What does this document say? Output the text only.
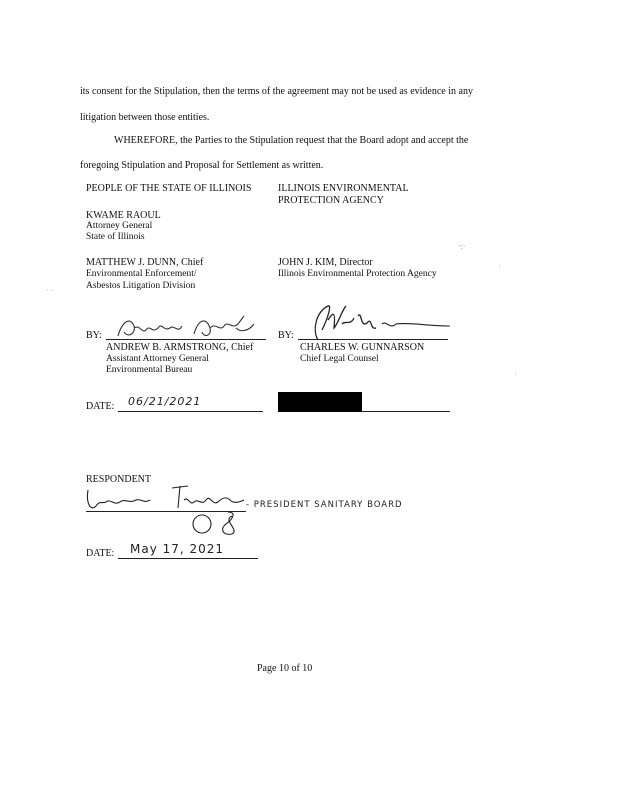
its consent for the Stipulation, then the terms of the agreement may not be used as evidence in any
litigation between those entities.
WHEREFORE, the Parties to the Stipulation request that the Board adopt and accept the
foregoing Stipulation and Proposal for Settlement as written.
PEOPLE OF THE STATE OF ILLINOIS
KWAME RAOUL
Attorney General
State of Illinois
MATTHEW J. DUNN, Chief
Environmental Enforcement/
Asbestos Litigation Division
ILLINOIS ENVIRONMENTAL
PROTECTION AGENCY
JOHN J. KIM, Director
Illinois Environmental Protection Agency
BY:
ANDREW B. ARMSTRONG, Chief
Assistant Attorney General
Environmental Bureau
BY:
CHARLES W. GUNNARSON
Chief Legal Counsel
DATE: 06/21/2021
RESPONDENT
- PRESIDENT SANITARY BOARD
DATE: May 17, 2021
Page 10 of 10
·:·
·
· ·
·
